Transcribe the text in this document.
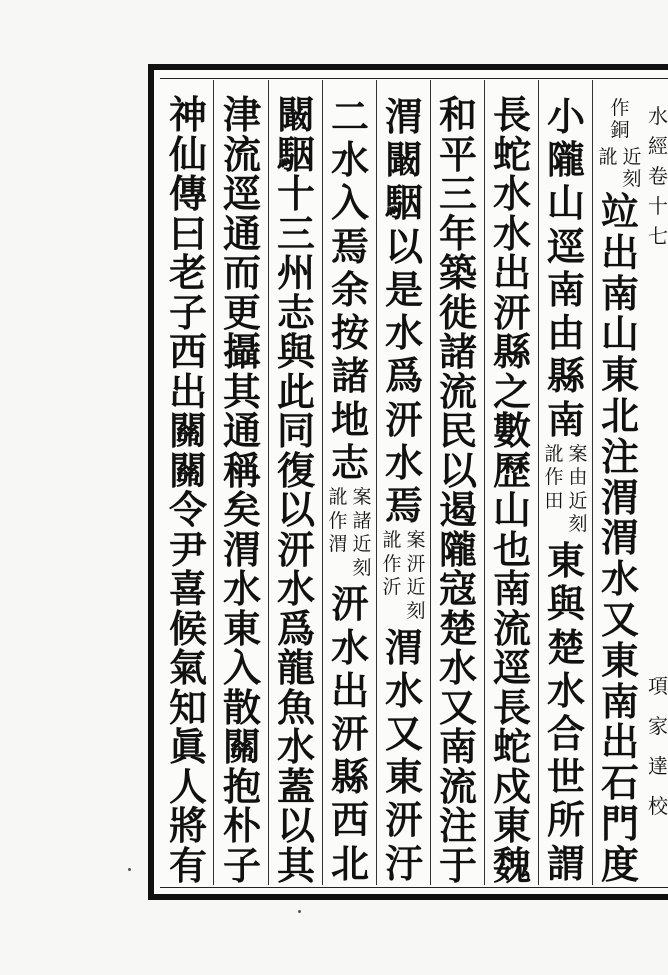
作
銅
近
刻
訛
竝
出
南
山
東
北
注
渭
渭
水
又
東
南
出
石
門
度
小
隴
山
逕
南
由
縣
南
案
由
近
刻
訛
作
田
東
與
楚
水
合
世
所
謂
長
蛇
水
水
出
汧
縣
之
數
歷
山
也
南
流
逕
長
蛇
戍
東
魏
和
平
三
年
築
徙
諸
流
民
以
遏
隴
寇
楚
水
又
南
流
注
于
渭
闞
駰
以
是
水
爲
汧
水
焉
案
汧
近
刻
訛
作
沂
渭
水
又
東
汧
汙
二
水
入
焉
余
按
諸
地
志
案
諸
近
刻
訛
作
渭
汧
水
出
汧
縣
西
北
闞
駰
十
三
州
志
與
此
同
復
以
汧
水
爲
龍
魚
水
蓋
以
其
津
流
逕
通
而
更
攝
其
通
稱
矣
渭
水
東
入
散
關
抱
朴
子
神
仙
傳
曰
老
子
西
出
關
關
令
尹
喜
候
氣
知
眞
人
將
有
水
經
卷
十
七
項
家
達
校
